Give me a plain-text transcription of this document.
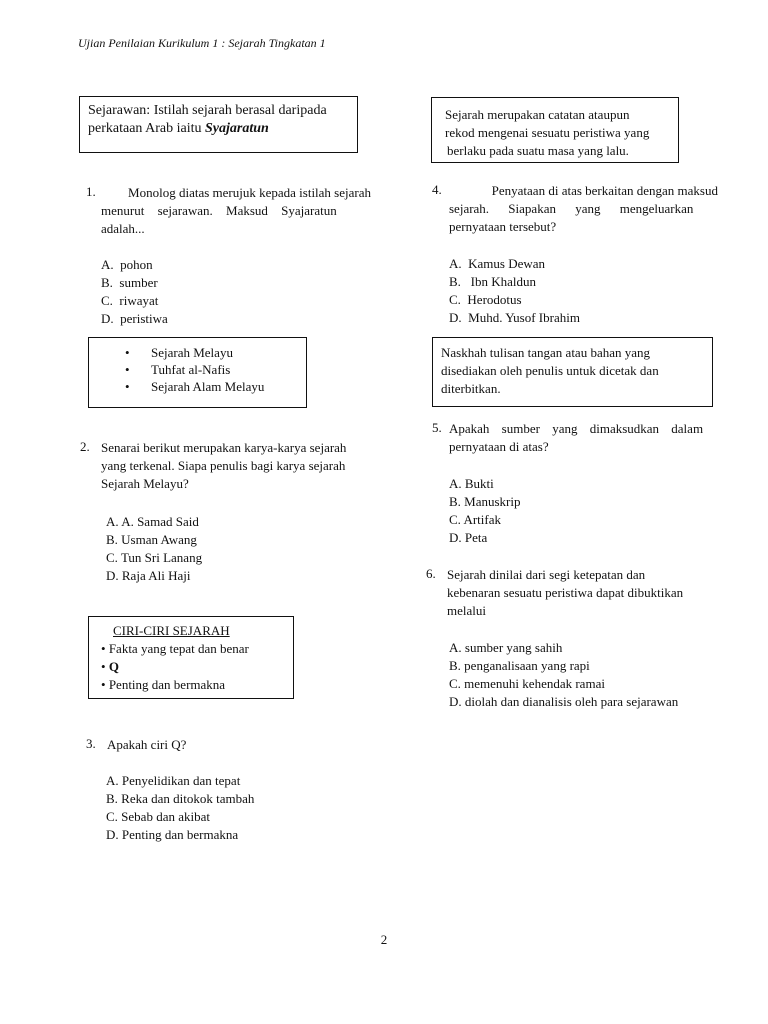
Ujian Penilaian Kurikulum 1 : Sejarah Tingkatan 1
Sejarawan: Istilah sejarah berasal daripada
perkataan Arab iaitu Syajaratun
1.	Monolog diatas merujuk kepada istilah sejarah
menurut sejarawan. Maksud Syajaratun
adalah...
A. pohon
B. sumber
C. riwayat
D. peristiwa
• Sejarah Melayu
• Tuhfat al-Nafis
• Sejarah Alam Melayu
2. Senarai berikut merupakan karya-karya sejarah
yang terkenal. Siapa penulis bagi karya sejarah
Sejarah Melayu?
A. A. Samad Said
B. Usman Awang
C. Tun Sri Lanang
D. Raja Ali Haji
CIRI-CIRI SEJARAH
• Fakta yang tepat dan benar
• Q
• Penting dan bermakna
3. Apakah ciri Q?
A. Penyelidikan dan tepat
B. Reka dan ditokok tambah
C. Sebab dan akibat
D. Penting dan bermakna
Sejarah merupakan catatan ataupun
rekod mengenai sesuatu peristiwa yang
berlaku pada suatu masa yang lalu.
4.	Penyataan di atas berkaitan dengan maksud
sejarah. Siapakan yang mengeluarkan
pernyataan tersebut?
A. Kamus Dewan
B. Ibn Khaldun
C. Herodotus
D. Muhd. Yusof Ibrahim
Naskhah tulisan tangan atau bahan yang
disediakan oleh penulis untuk dicetak dan
diterbitkan.
5. Apakah sumber yang dimaksudkan dalam
pernyataan di atas?
A. Bukti
B. Manuskrip
C. Artifak
D. Peta
6. Sejarah dinilai dari segi ketepatan dan
kebenaran sesuatu peristiwa dapat dibuktikan
melalui
A. sumber yang sahih
B. penganalisaan yang rapi
C. memenuhi kehendak ramai
D. diolah dan dianalisis oleh para sejarawan
2
